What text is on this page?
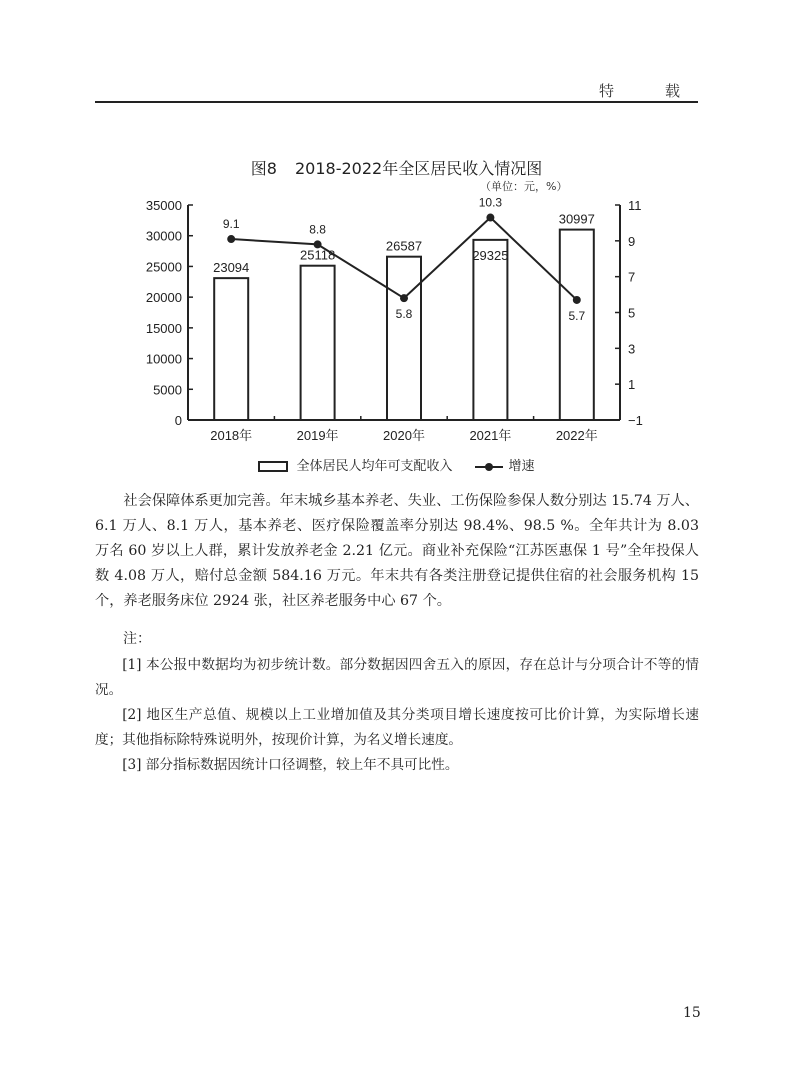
特　载
图8 2018-2022年全区居民收入情况图
（单位：元，%）
0
5000
10000
15000
20000
25000
30000
35000
−1
1
3
5
7
9
11
2018年	2019年	2020年	2021年	2022年
23094
25118
26587
29325
30997
9.1	8.8
5.8
10.3
5.7
全体居民人均年可支配收入	增速

社会保障体系更加完善。年末城乡基本养老、失业、工伤保险参保人数分别达 15.74 万人、6.1 万人、8.1 万人，基本养老、医疗保险覆盖率分别达 98.4%、98.5 %。全年共计为 8.03 万名 60 岁以上人群，累计发放养老金 2.21 亿元。商业补充保险“江苏医惠保 1 号”全年投保人数 4.08 万人，赔付总金额 584.16 万元。年末共有各类注册登记提供住宿的社会服务机构 15 个，养老服务床位 2924 张，社区养老服务中心 67 个。

注：

[1] 本公报中数据均为初步统计数。部分数据因四舍五入的原因，存在总计与分项合计不等的情况。

[2] 地区生产总值、规模以上工业增加值及其分类项目增长速度按可比价计算，为实际增长速度；其他指标除特殊说明外，按现价计算，为名义增长速度。

[3] 部分指标数据因统计口径调整，较上年不具可比性。

15
